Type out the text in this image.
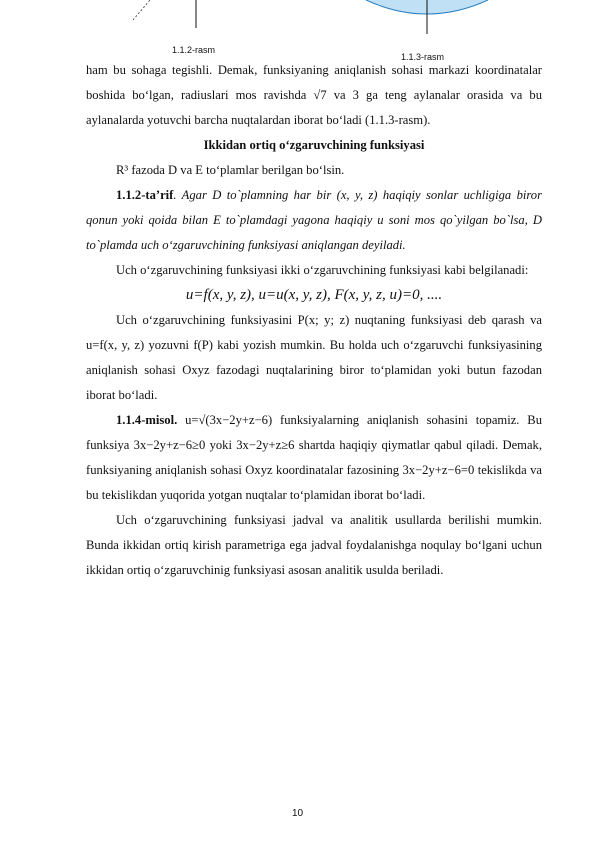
1.1.2-rasm
1.1.3-rasm

ham bu sohaga tegishli. Demak, funksiyaning aniqlanish sohasi markazi koordinatalar boshida bo‘lgan, radiuslari mos ravishda √7 va 3 ga teng aylanalar orasida va bu aylanalarda yotuvchi barcha nuqtalardan iborat bo‘ladi (1.1.3-rasm).

Ikkidan ortiq o‘zgaruvchining funksiyasi

R³ fazoda D va E to‘plamlar berilgan bo‘lsin.

1.1.2-ta’rif. Agar D to`plamning har bir (x, y, z) haqiqiy sonlar uchligiga biror qonun yoki qoida bilan E to`plamdagi yagona haqiqiy u soni mos qo`yilgan bo`lsa, D to`plamda uch o‘zgaruvchining funksiyasi aniqlangan deyiladi.

Uch o‘zgaruvchining funksiyasi ikki o‘zgaruvchining funksiyasi kabi belgilanadi:

u=f(x, y, z), u=u(x, y, z), F(x, y, z, u)=0, ....

Uch o‘zgaruvchining funksiyasini P(x; y; z) nuqtaning funksiyasi deb qarash va u=f(x, y, z) yozuvni f(P) kabi yozish mumkin. Bu holda uch o‘zgaruvchi funksiyasining aniqlanish sohasi Oxyz fazodagi nuqtalarining biror to‘plamidan yoki butun fazodan iborat bo‘ladi.

1.1.4-misol. u=√(3x−2y+z−6) funksiyalarning aniqlanish sohasini topamiz. Bu funksiya 3x−2y+z−6≥0 yoki 3x−2y+z≥6 shartda haqiqiy qiymatlar qabul qiladi. Demak, funksiyaning aniqlanish sohasi Oxyz koordinatalar fazosining 3x−2y+z−6=0 tekislikda va bu tekislikdan yuqorida yotgan nuqtalar to‘plamidan iborat bo‘ladi.

Uch o‘zgaruvchining funksiyasi jadval va analitik usullarda berilishi mumkin. Bunda ikkidan ortiq kirish parametriga ega jadval foydalanishga noqulay bo‘lgani uchun ikkidan ortiq o‘zgaruvchinig funksiyasi asosan analitik usulda beriladi.

10
